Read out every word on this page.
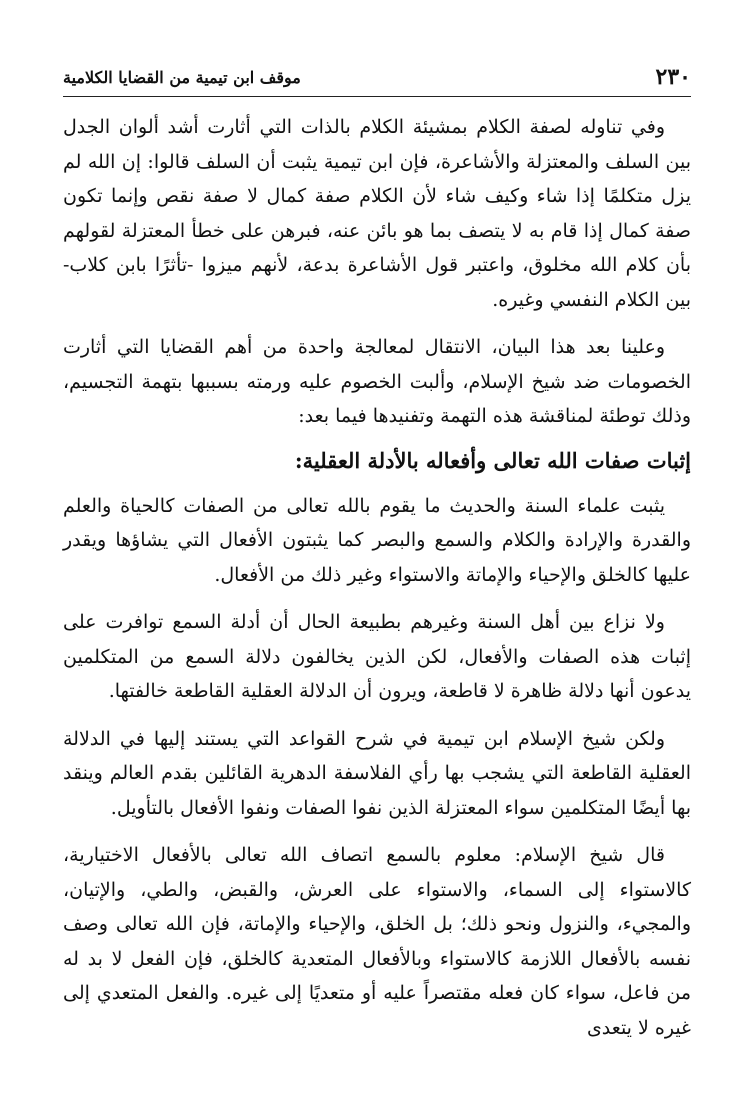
٢٣٠
موقف ابن تيمية من القضايا الكلامية

وفي تناوله لصفة الكلام بمشيئة الكلام بالذات التي أثارت أشد ألوان الجدل بين السلف والمعتزلة والأشاعرة، فإن ابن تيمية يثبت أن السلف قالوا: إن الله لم يزل متكلمًا إذا شاء وكيف شاء لأن الكلام صفة كمال لا صفة نقص وإنما تكون صفة كمال إذا قام به لا يتصف بما هو بائن عنه، فبرهن على خطأ المعتزلة لقولهم بأن كلام الله مخلوق، واعتبر قول الأشاعرة بدعة، لأنهم ميزوا -تأثرًا بابن كلاب- بين الكلام النفسي وغيره.

وعلينا بعد هذا البيان، الانتقال لمعالجة واحدة من أهم القضايا التي أثارت الخصومات ضد شيخ الإسلام، وألبت الخصوم عليه ورمته بسببها بتهمة التجسيم، وذلك توطئة لمناقشة هذه التهمة وتفنيدها فيما بعد:

إثبات صفات الله تعالى وأفعاله بالأدلة العقلية:

يثبت علماء السنة والحديث ما يقوم بالله تعالى من الصفات كالحياة والعلم والقدرة والإرادة والكلام والسمع والبصر كما يثبتون الأفعال التي يشاؤها ويقدر عليها كالخلق والإحياء والإماتة والاستواء وغير ذلك من الأفعال.

ولا نزاع بين أهل السنة وغيرهم بطبيعة الحال أن أدلة السمع توافرت على إثبات هذه الصفات والأفعال، لكن الذين يخالفون دلالة السمع من المتكلمين يدعون أنها دلالة ظاهرة لا قاطعة، ويرون أن الدلالة العقلية القاطعة خالفتها.

ولكن شيخ الإسلام ابن تيمية في شرح القواعد التي يستند إليها في الدلالة العقلية القاطعة التي يشجب بها رأي الفلاسفة الدهرية القائلين بقدم العالم وينقد بها أيضًا المتكلمين سواء المعتزلة الذين نفوا الصفات ونفوا الأفعال بالتأويل.

قال شيخ الإسلام: معلوم بالسمع اتصاف الله تعالى بالأفعال الاختيارية، كالاستواء إلى السماء، والاستواء على العرش، والقبض، والطي، والإتيان، والمجيء، والنزول ونحو ذلك؛ بل الخلق، والإحياء والإماتة، فإن الله تعالى وصف نفسه بالأفعال اللازمة كالاستواء وبالأفعال المتعدية كالخلق، فإن الفعل لا بد له من فاعل، سواء كان فعله مقتصراً عليه أو متعديًا إلى غيره. والفعل المتعدي إلى غيره لا يتعدى
